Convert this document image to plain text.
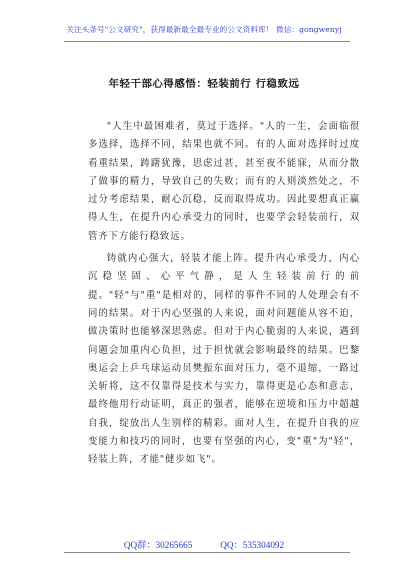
关注头条号"公文研究"，获得最新最全最专业的公文资料库！ 微信：gongwenyj
年轻干部心得感悟：轻装前行 行稳致远

"人生中最困难者，莫过于选择。"人的一生，会面临很多选择，选择不同，结果也就不同。有的人面对选择时过度看重结果，踌躇犹豫，思虑过甚，甚至夜不能寐，从而分散了做事的精力，导致自己的失败；而有的人则淡然处之，不过分考虑结果，耐心沉稳，反而取得成功。因此要想真正赢得人生，在提升内心承受力的同时，也要学会轻装前行，双管齐下方能行稳致远。

铸就内心强大，轻装才能上阵。提升内心承受力，内心沉稳坚固、心平气静，是人生轻装前行的前提。"轻"与"重"是相对的，同样的事件不同的人处理会有不同的结果。对于内心坚强的人来说，面对问题能从容不迫，做决策时也能够深思熟虑。但对于内心脆弱的人来说，遇到问题会加重内心负担，过于担忧就会影响最终的结果。巴黎奥运会上乒乓球运动员樊振东面对压力，毫不退缩，一路过关斩将，这不仅靠得是技术与实力，靠得更是心态和意志，最终他用行动证明，真正的强者，能够在逆境和压力中超越自我，绽放出人生别样的精彩。面对人生，在提升自我的应变能力和技巧的同时，也要有坚强的内心，变"重"为"轻"，轻装上阵，才能"健步如飞"。

QQ群：30265665	QQ：535304092
